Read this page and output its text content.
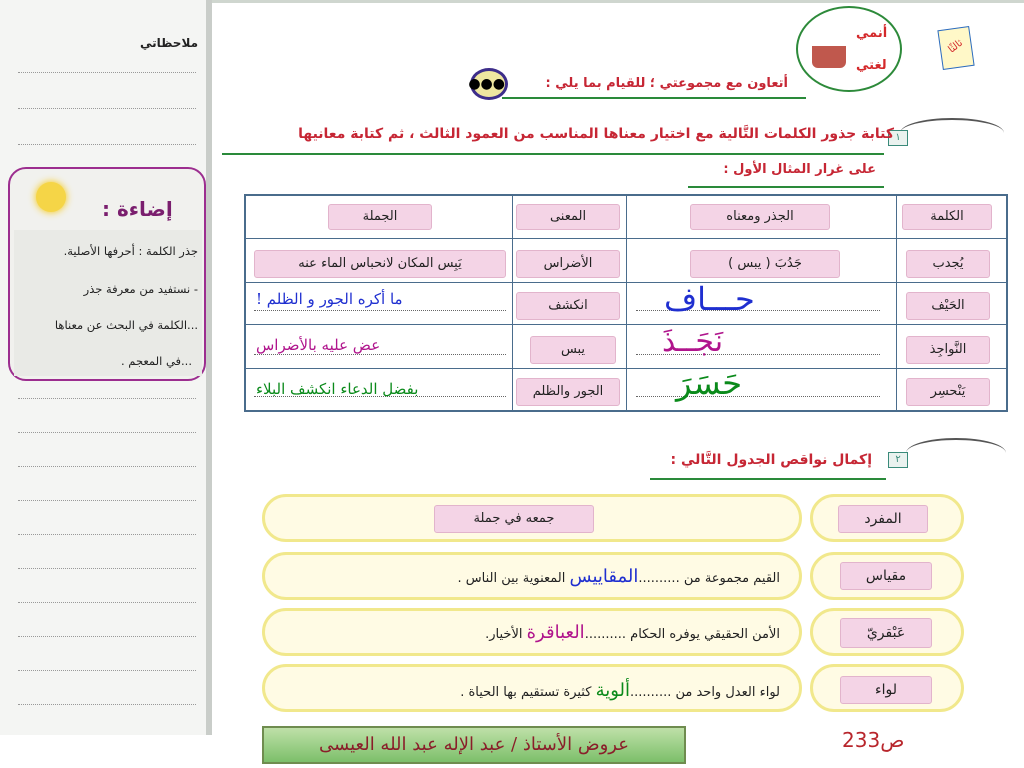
ملاحظاتي
إضاءة :
جذر الكلمة : أحرفها الأصلية.
- نستفيد من معرفة جذر
...الكلمة في البحث عن معناها
...في المعجم .
أنمي
لغتي
ثالثًا
أتعاون مع مجموعتي ؛ للقيام بما يلي :
●●●
١
كتابة جذور الكلمات التَّالية مع اختيار معناها المناسب من العمود الثالث ، ثم كتابة معانيها
على غرار المثال الأول :
الكلمة
الجذر ومعناه
المعنى
الجملة
يُجدب
جَدُبَ ( يبس )
الأضراس
يَبِس المكان لانحباس الماء عنه
الحَيْف
حـــاف
انكشف
ما أكره الجور و الظلم !
النَّواجِذ
نَجَــذَ
يبس
عض عليه بالأضراس
يَنْحسِر
حَسَرَ
الجور والظلم
بفضل الدعاء انكشف البلاء
٢
إكمال نواقص الجدول التَّالي :
المفرد
جمعه في جملة
مقياس
القيم مجموعة من ..........المقاييس المعنوية بين الناس .
عَبْقريّ
الأمن الحقيقي يوفره الحكام ..........العباقرة الأخيار.
لواء
لواء العدل واحد من ..........ألوية كثيرة تستقيم بها الحياة .
عروض الأستاذ / عبد الإله عبد الله العيسى	ص233
